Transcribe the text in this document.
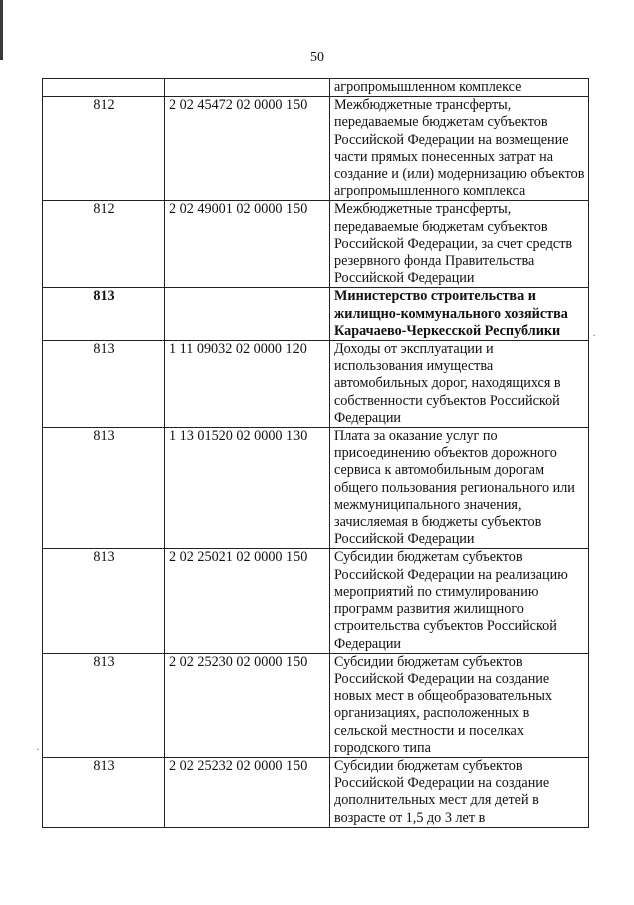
50
		агропромышленном комплексе
812	2 02 45472 02 0000 150	Межбюджетные трансферты, передаваемые бюджетам субъектов Российской Федерации на возмещение части прямых понесенных затрат на создание и (или) модернизацию объектов агропромышленного комплекса
812	2 02 49001 02 0000 150	Межбюджетные трансферты, передаваемые бюджетам субъектов Российской Федерации, за счет средств резервного фонда Правительства Российской Федерации
813		Министерство строительства и жилищно-коммунального хозяйства Карачаево-Черкесской Республики
813	1 11 09032 02 0000 120	Доходы от эксплуатации и использования имущества автомобильных дорог, находящихся в собственности субъектов Российской Федерации
813	1 13 01520 02 0000 130	Плата за оказание услуг по присоединению объектов дорожного сервиса к автомобильным дорогам общего пользования регионального или межмуниципального значения, зачисляемая в бюджеты субъектов Российской Федерации
813	2 02 25021 02 0000 150	Субсидии бюджетам субъектов Российской Федерации на реализацию мероприятий по стимулированию программ развития жилищного строительства субъектов Российской Федерации
813	2 02 25230 02 0000 150	Субсидии бюджетам субъектов Российской Федерации на создание новых мест в общеобразовательных организациях, расположенных в сельской местности и поселках городского типа
813	2 02 25232 02 0000 150	Субсидии бюджетам субъектов Российской Федерации на создание дополнительных мест для детей в возрасте от 1,5 до 3 лет в
·
·
